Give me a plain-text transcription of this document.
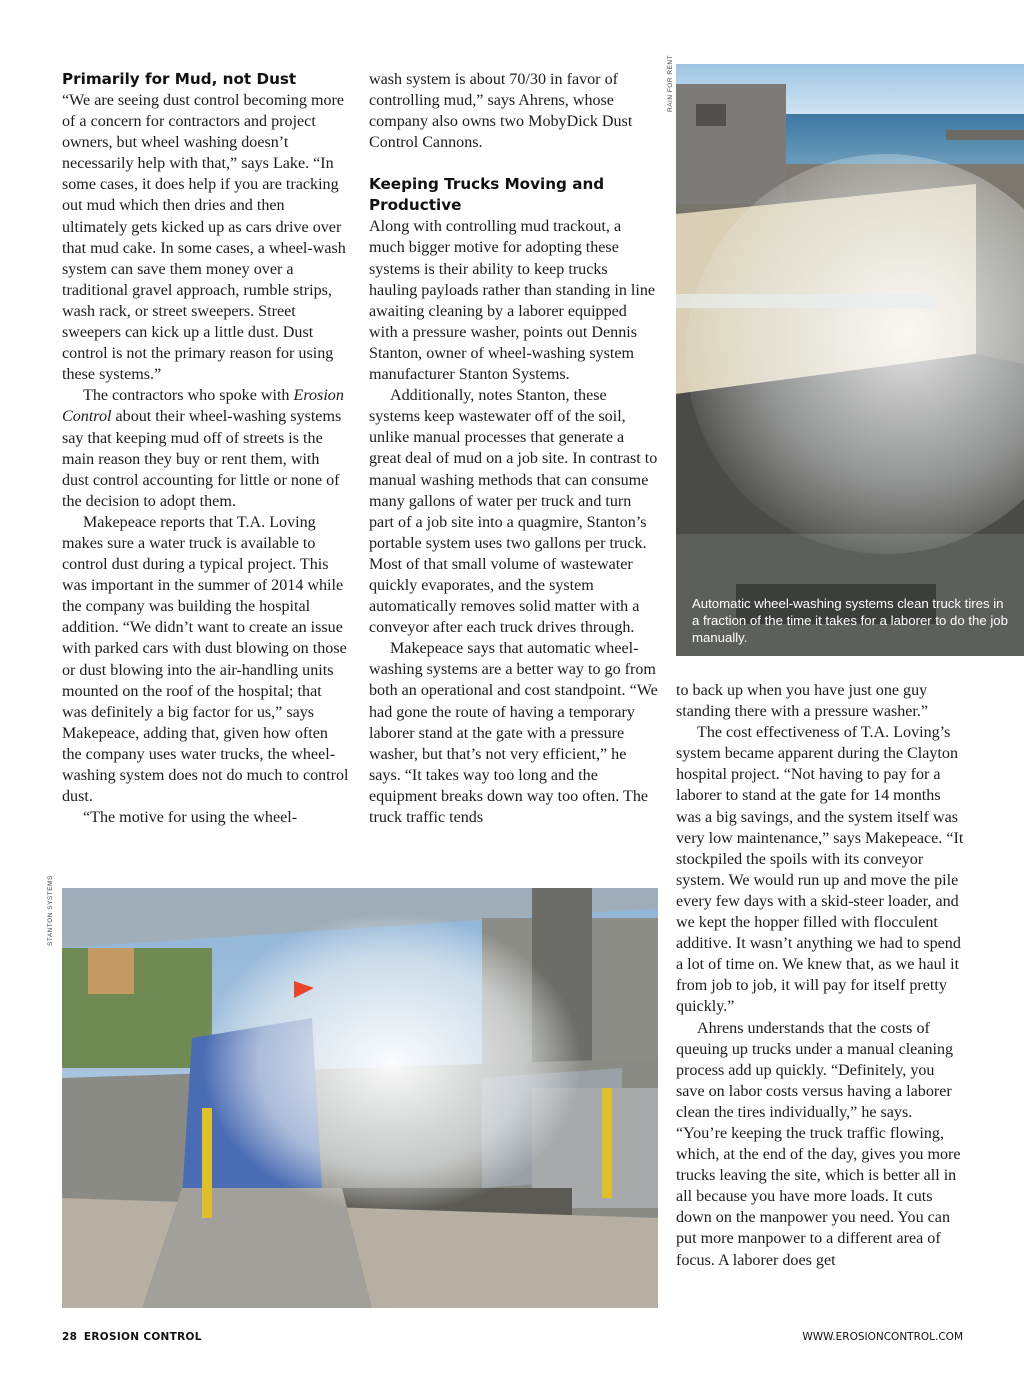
Primarily for Mud, not Dust

“We are seeing dust control becoming more of a concern for contractors and project owners, but wheel washing doesn’t necessarily help with that,” says Lake. “In some cases, it does help if you are tracking out mud which then dries and then ultimately gets kicked up as cars drive over that mud cake. In some cases, a wheel-wash system can save them money over a traditional gravel approach, rumble strips, wash rack, or street sweepers. Street sweepers can kick up a little dust. Dust control is not the primary reason for using these systems.”

The contractors who spoke with Erosion Control about their wheel-washing systems say that keeping mud off of streets is the main reason they buy or rent them, with dust control accounting for little or none of the decision to adopt them.

Makepeace reports that T.A. Loving makes sure a water truck is available to control dust during a typical project. This was important in the summer of 2014 while the company was building the hospital addition. “We didn’t want to create an issue with parked cars with dust blowing on those or dust blowing into the air-handling units mounted on the roof of the hospital; that was definitely a big factor for us,” says Makepeace, adding that, given how often the company uses water trucks, the wheel-washing system does not do much to control dust.

“The motive for using the wheel-

wash system is about 70/30 in favor of controlling mud,” says Ahrens, whose company also owns two MobyDick Dust Control Cannons.

Keeping Trucks Moving and Productive

Along with controlling mud trackout, a much bigger motive for adopting these systems is their ability to keep trucks hauling payloads rather than standing in line awaiting cleaning by a laborer equipped with a pressure washer, points out Dennis Stanton, owner of wheel-washing system manufacturer Stanton Systems.

Additionally, notes Stanton, these systems keep wastewater off of the soil, unlike manual processes that generate a great deal of mud on a job site. In contrast to manual washing methods that can consume many gallons of water per truck and turn part of a job site into a quagmire, Stanton’s portable system uses two gallons per truck. Most of that small volume of wastewater quickly evaporates, and the system automatically removes solid matter with a conveyor after each truck drives through.

Makepeace says that automatic wheel-washing systems are a better way to go from both an operational and cost standpoint. “We had gone the route of having a temporary laborer stand at the gate with a pressure washer, but that’s not very efficient,” he says. “It takes way too long and the equipment breaks down way too often. The truck traffic tends

to back up when you have just one guy standing there with a pressure washer.”

The cost effectiveness of T.A. Loving’s system became apparent during the Clayton hospital project. “Not having to pay for a laborer to stand at the gate for 14 months was a big savings, and the system itself was very low maintenance,” says Makepeace. “It stockpiled the spoils with its conveyor system. We would run up and move the pile every few days with a skid-steer loader, and we kept the hopper filled with flocculent additive. It wasn’t anything we had to spend a lot of time on. We knew that, as we haul it from job to job, it will pay for itself pretty quickly.”

Ahrens understands that the costs of queuing up trucks under a manual cleaning process add up quickly. “Definitely, you save on labor costs versus having a laborer clean the tires individually,” he says. “You’re keeping the truck traffic flowing, which, at the end of the day, gives you more trucks leaving the site, which is better all in all because you have more loads. It cuts down on the manpower you need. You can put more manpower to a different area of focus. A laborer does get

RAIN FOR RENT
Automatic wheel-washing systems clean truck tires in a fraction of the time it takes for a laborer to do the job manually.
STANTON SYSTEMS
28 EROSION CONTROL	WWW.EROSIONCONTROL.COM
